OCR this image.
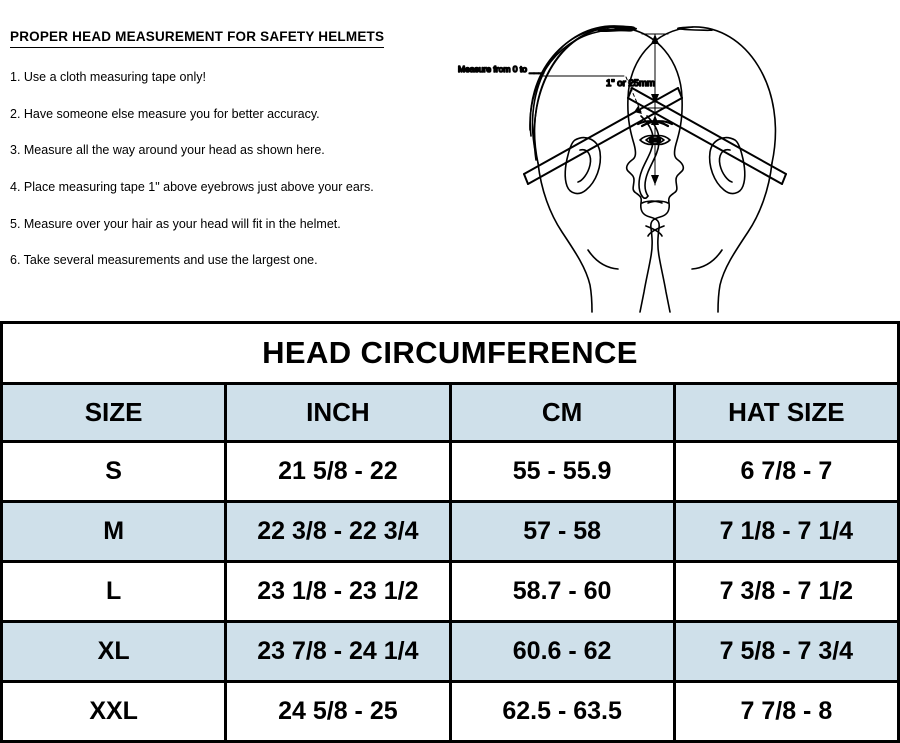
PROPER HEAD MEASUREMENT FOR SAFETY HELMETS
1. Use a cloth measuring tape only!
2. Have someone else measure you for better accuracy.
3. Measure all the way around your head as shown here.
4. Place measuring tape 1" above eyebrows just above your ears.
5. Measure over your hair as your head will fit in the helmet.
6. Take several measurements and use the largest one.
Measure from 0 to ___
1" or 25mm
HEAD CIRCUMFERENCE			
SIZE	INCH	CM	HAT SIZE
S	21 5/8 - 22	55 - 55.9	6 7/8 - 7
M	22 3/8 - 22 3/4	57 - 58	7 1/8 - 7 1/4
L	23 1/8 - 23 1/2	58.7 - 60	7 3/8 - 7 1/2
XL	23 7/8 - 24 1/4	60.6 - 62	7 5/8 - 7 3/4
XXL	24 5/8 - 25	62.5 - 63.5	7 7/8 - 8
